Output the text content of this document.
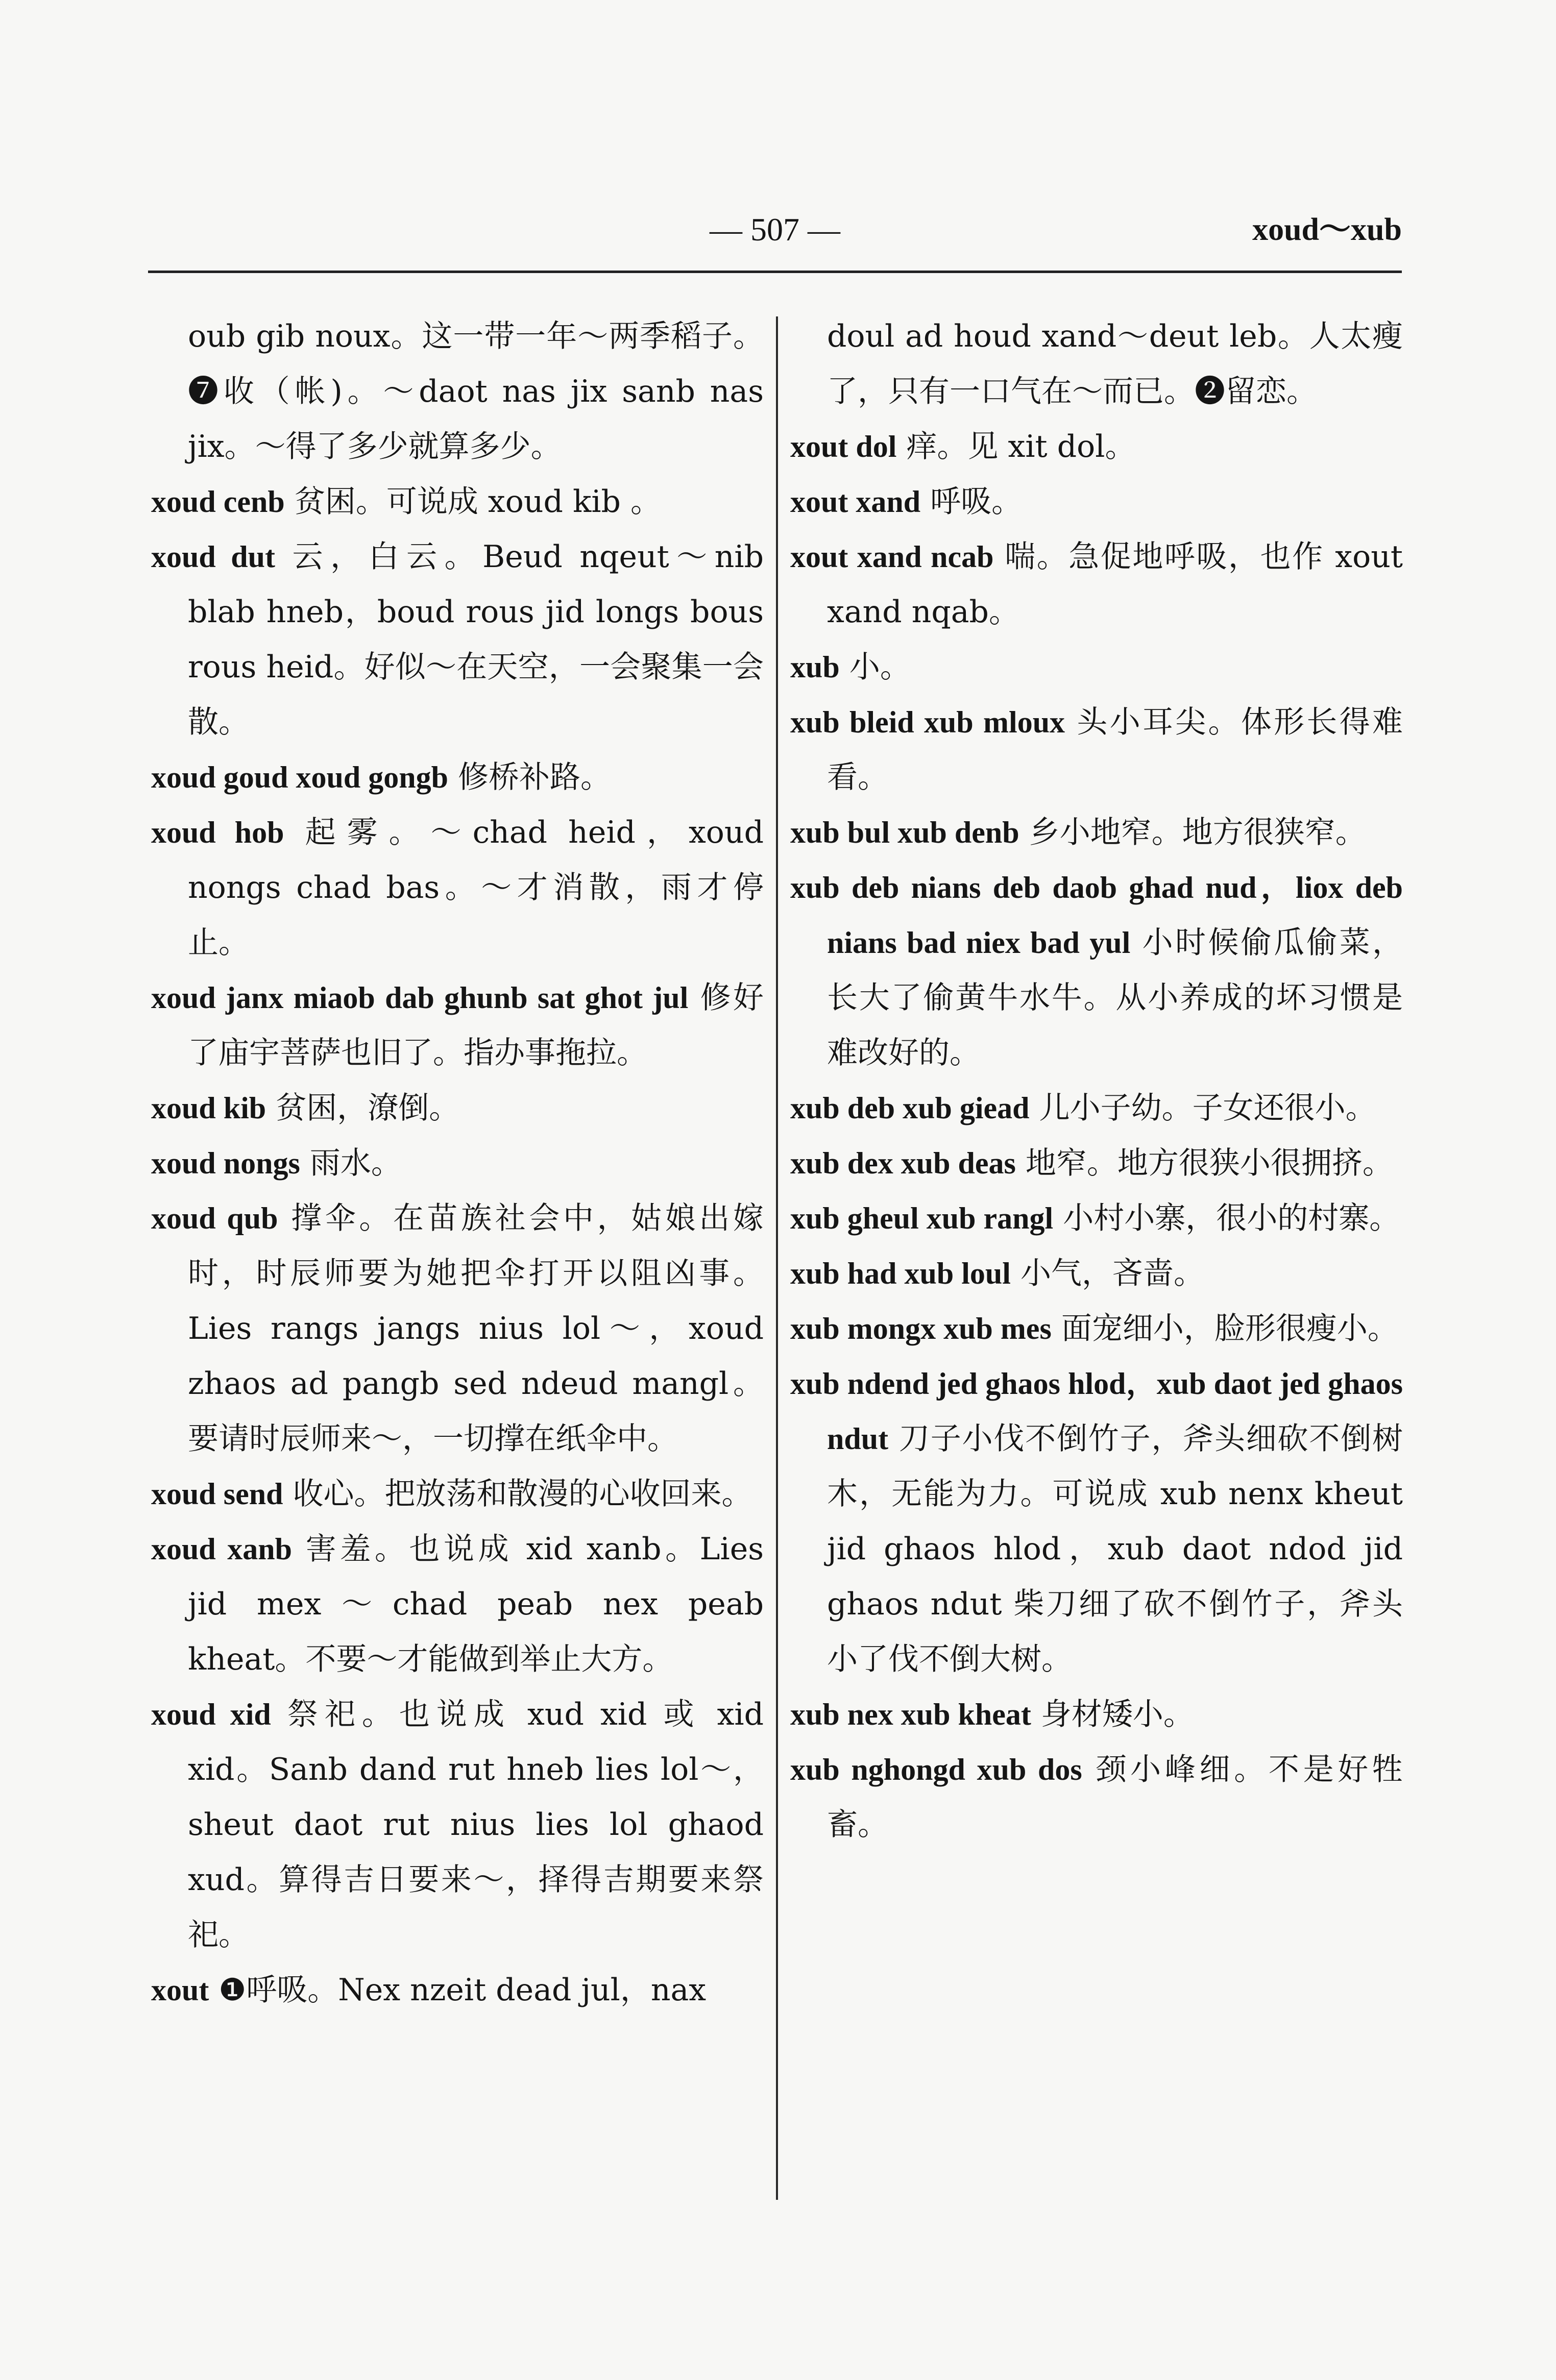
— 507 —	xoud～xub

oub gib noux。这一带一年～两季稻子。❼收（帐)。～daot nas jix sanb nas jix。～得了多少就算多少。

xoud cenb 贫困。可说成 xoud kib 。

xoud dut 云，白云。Beud nqeut～nib blab hneb，boud rous jid longs bous rous heid。好似～在天空，一会聚集一会散。

xoud goud xoud gongb 修桥补路。

xoud hob 起雾。～chad heid，xoud nongs chad bas。～才消散，雨才停止。

xoud janx miaob dab ghunb sat ghot jul 修好了庙宇菩萨也旧了。指办事拖拉。

xoud kib 贫困，潦倒。

xoud nongs 雨水。

xoud qub 撑伞。在苗族社会中，姑娘出嫁时，时辰师要为她把伞打开以阻凶事。Lies rangs jangs nius lol～，xoud zhaos ad pangb sed ndeud mangl。要请时辰师来～，一切撑在纸伞中。

xoud send 收心。把放荡和散漫的心收回来。

xoud xanb 害羞。也说成 xid xanb。Lies jid mex～chad peab nex peab kheat。不要～才能做到举止大方。

xoud xid 祭祀。也说成 xud xid 或 xid xid。Sanb dand rut hneb lies lol～，sheut daot rut nius lies lol ghaod xud。算得吉日要来～，择得吉期要来祭祀。

xout ❶呼吸。Nex nzeit dead jul，nax

doul ad houd xand～deut leb。人太瘦了，只有一口气在～而已。❷留恋。

xout dol 痒。见 xit dol。

xout xand 呼吸。

xout xand ncab 喘。急促地呼吸，也作 xout xand nqab。

xub 小。

xub bleid xub mloux 头小耳尖。体形长得难看。

xub bul xub denb 乡小地窄。地方很狭窄。

xub deb nians deb daob ghad nud，liox deb nians bad niex bad yul 小时候偷瓜偷菜，长大了偷黄牛水牛。从小养成的坏习惯是难改好的。

xub deb xub giead 儿小子幼。子女还很小。

xub dex xub deas 地窄。地方很狭小很拥挤。

xub gheul xub rangl 小村小寨，很小的村寨。

xub had xub loul 小气，吝啬。

xub mongx xub mes 面宠细小，脸形很瘦小。

xub ndend jed ghaos hlod，xub daot jed ghaos ndut 刀子小伐不倒竹子，斧头细砍不倒树木，无能为力。可说成 xub nenx kheut jid ghaos hlod，xub daot ndod jid ghaos ndut 柴刀细了砍不倒竹子，斧头小了伐不倒大树。

xub nex xub kheat 身材矮小。

xub nghongd xub dos 颈小峰细。不是好牲畜。
